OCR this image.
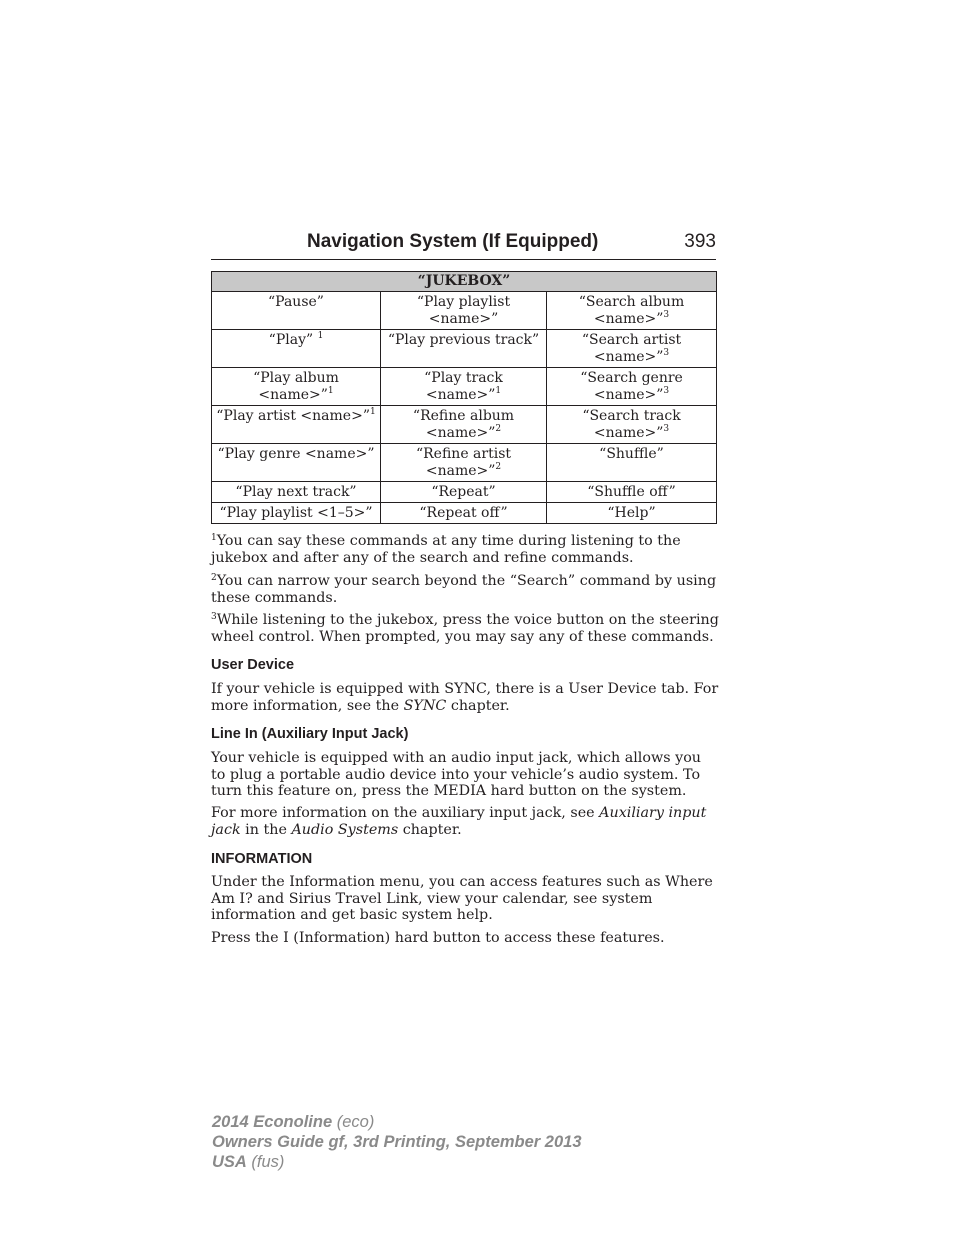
Navigation System (If Equipped)	393
“JUKEBOX”		
“Pause”	“Play playlist <name>”	“Search album <name>”$^3$
“Play” $^1$	“Play previous track”	“Search artist <name>”$^3$
“Play album <name>”$^1$	“Play track <name>”$^1$	“Search genre <name>”$^3$
“Play artist <name>”$^1$	“Refine album <name>”$^2$	“Search track <name>”$^3$
“Play genre <name>”	“Refine artist <name>”$^2$	“Shuffle”
“Play next track”	“Repeat”	“Shuffle off”
“Play playlist <1–5>”	“Repeat off”	“Help”
$^1$You can say these commands at any time during listening to the jukebox and after any of the search and refine commands.
$^2$You can narrow your search beyond the “Search” command by using these commands.
$^3$While listening to the jukebox, press the voice button on the steering wheel control. When prompted, you may say any of these commands.
User Device
If your vehicle is equipped with SYNC, there is a User Device tab. For more information, see the SYNC chapter.
Line In (Auxiliary Input Jack)
Your vehicle is equipped with an audio input jack, which allows you to plug a portable audio device into your vehicle’s audio system. To turn this feature on, press the MEDIA hard button on the system.
For more information on the auxiliary input jack, see Auxiliary input jack in the Audio Systems chapter.
INFORMATION
Under the Information menu, you can access features such as Where Am I? and Sirius Travel Link, view your calendar, see system information and get basic system help.
Press the I (Information) hard button to access these features.
2014 Econoline (eco)
Owners Guide gf, 3rd Printing, September 2013
USA (fus)
